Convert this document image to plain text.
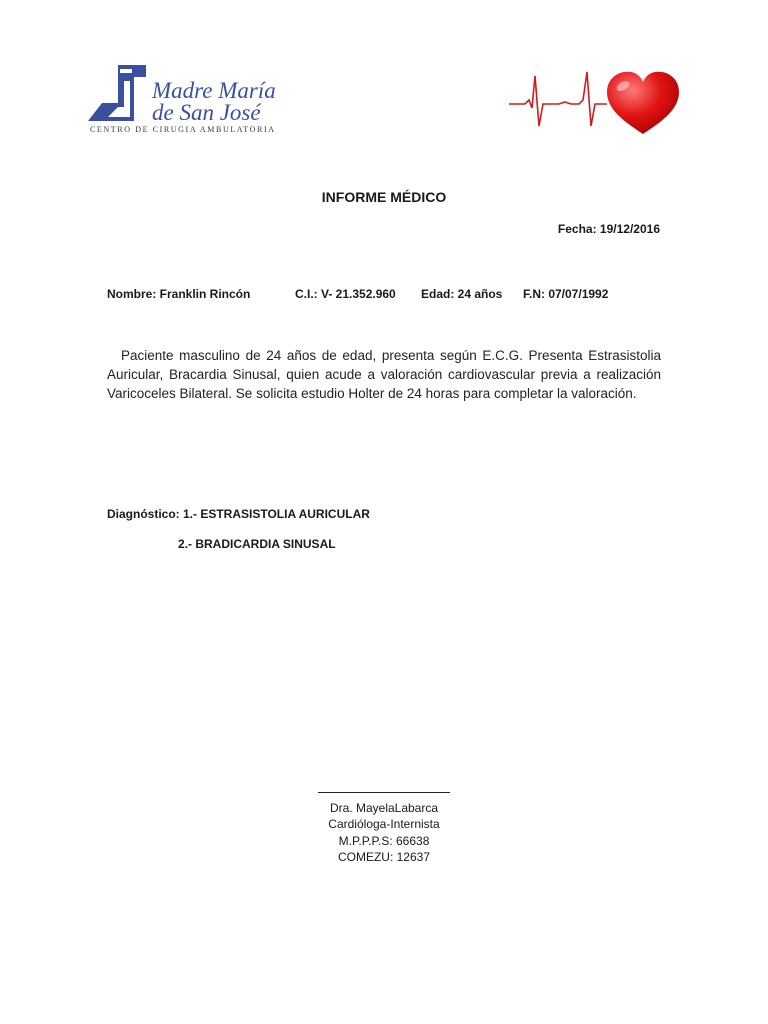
Madre María
de San José
CENTRO DE CIRUGIA AMBULATORIA
INFORME MÉDICO
Fecha: 19/12/2016
Nombre: Franklin Rincón	C.I.: V- 21.352.960 Edad: 24 años F.N: 07/07/1992
Paciente masculino de 24 años de edad, presenta según E.C.G. Presenta Estrasistolia Auricular, Bracardia Sinusal, quien acude a valoración cardiovascular previa a realización Varicoceles Bilateral. Se solicita estudio Holter de 24 horas para completar la valoración.
Diagnóstico: 1.- ESTRASISTOLIA AURICULAR
2.- BRADICARDIA SINUSAL
Dra. MayelaLabarca
Cardióloga-Internista
M.P.P.P.S: 66638
COMEZU: 12637
